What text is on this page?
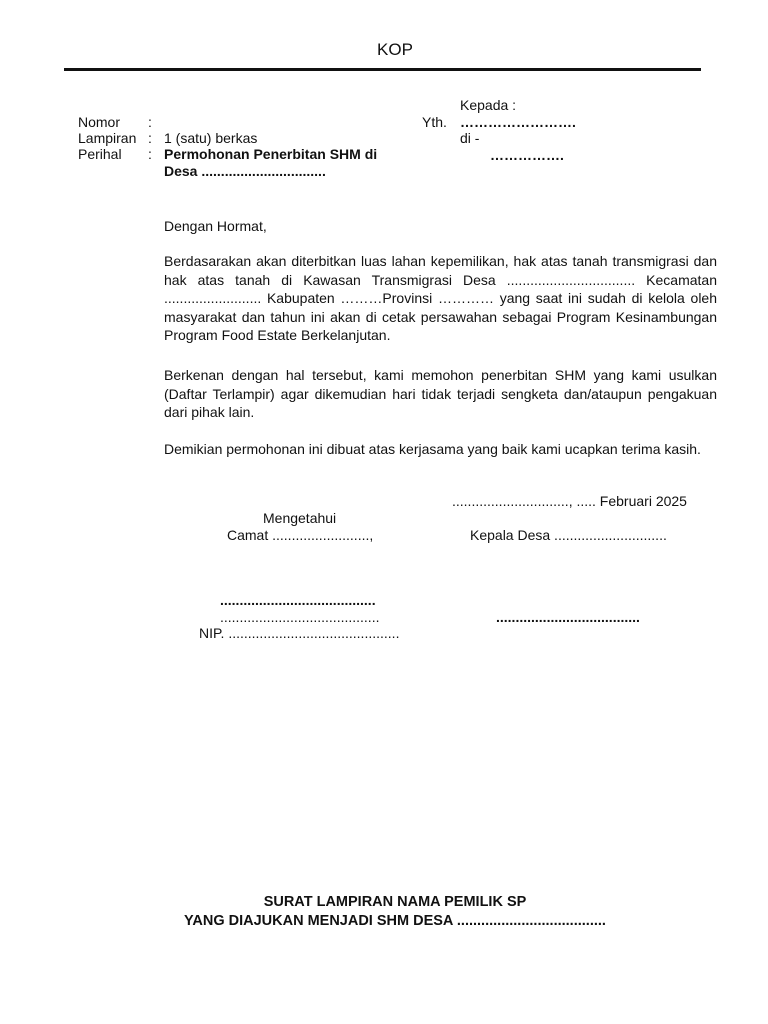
KOP
Nomor :
Lampiran : 1 (satu) berkas
Perihal : Permohonan Penerbitan SHM di Desa ................................
Kepada :
Yth. …………………….
di -
…………….
Dengan Hormat,
Berdasarakan akan diterbitkan luas lahan kepemilikan, hak atas tanah transmigrasi dan hak atas tanah di Kawasan Transmigrasi Desa ................................. Kecamatan ......................... Kabupaten ………Provinsi ………… yang saat ini sudah di kelola oleh masyarakat dan tahun ini akan di cetak persawahan sebagai Program Kesinambungan Program Food Estate Berkelanjutan.
Berkenan dengan hal tersebut, kami memohon penerbitan SHM yang kami usulkan (Daftar Terlampir) agar dikemudian hari tidak terjadi sengketa dan/ataupun pengakuan dari pihak lain.
Demikian permohonan ini dibuat atas kerjasama yang baik kami ucapkan terima kasih.
.............................., ..... Februari 2025
Mengetahui
Camat .........................,	Kepala Desa .............................
........................................
.........................................
NIP. ............................................
.....................................
SURAT LAMPIRAN NAMA PEMILIK SP
YANG DIAJUKAN MENJADI SHM DESA .....................................
